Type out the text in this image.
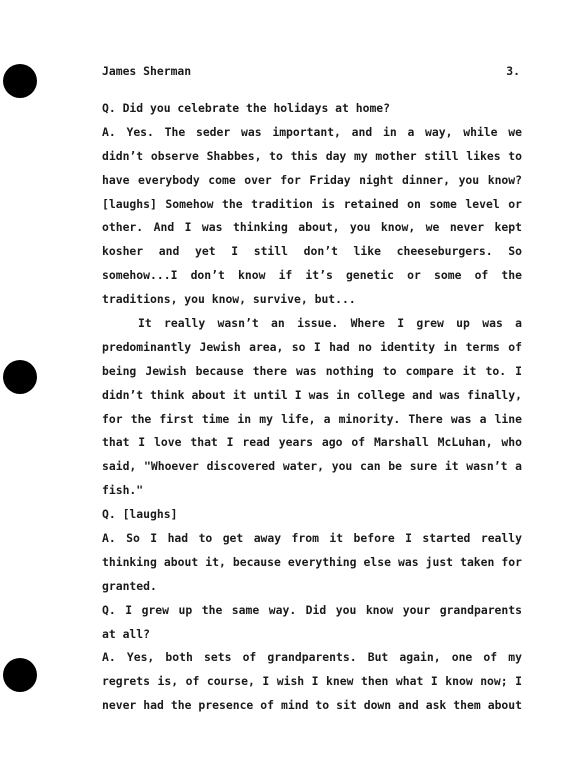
James Sherman	3.
Q. Did you celebrate the holidays at home?
A. Yes. The seder was important, and in a way, while we
didn’t observe Shabbes, to this day my mother still likes to
have everybody come over for Friday night dinner, you know?
[laughs] Somehow the tradition is retained on some level or
other. And I was thinking about, you know, we never kept
kosher and yet I still don’t like cheeseburgers. So
somehow...I don’t know if it’s genetic or some of the
traditions, you know, survive, but...
It really wasn’t an issue. Where I grew up was a
predominantly Jewish area, so I had no identity in terms of
being Jewish because there was nothing to compare it to. I
didn’t think about it until I was in college and was finally,
for the first time in my life, a minority. There was a line
that I love that I read years ago of Marshall McLuhan, who
said, "Whoever discovered water, you can be sure it wasn’t a
fish."
Q. [laughs]
A. So I had to get away from it before I started really
thinking about it, because everything else was just taken for
granted.
Q. I grew up the same way. Did you know your grandparents
at all?
A. Yes, both sets of grandparents. But again, one of my
regrets is, of course, I wish I knew then what I know now; I
never had the presence of mind to sit down and ask them about
